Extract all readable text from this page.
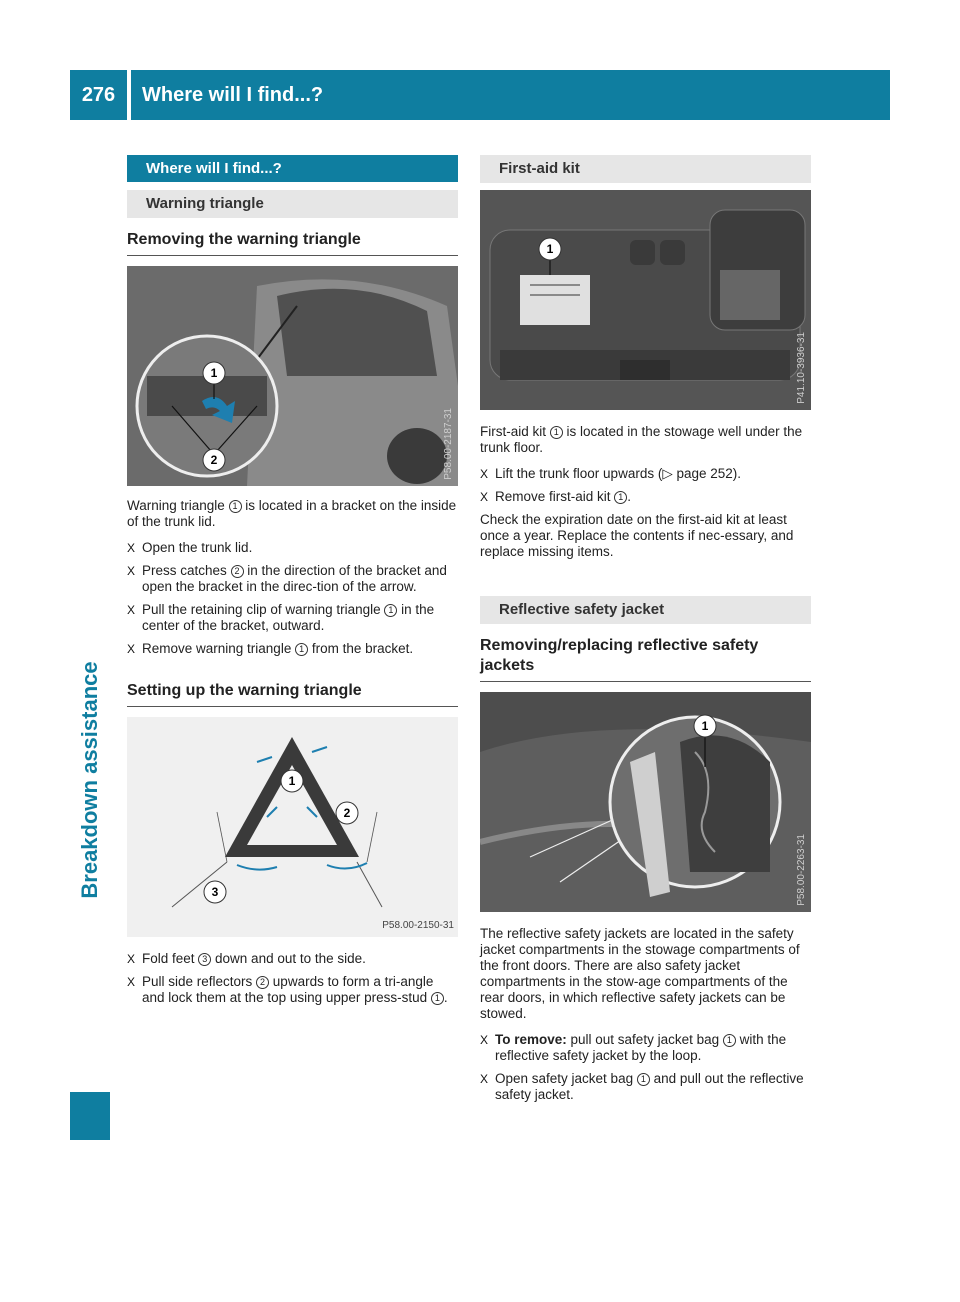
276	Where will I find...?
Breakdown assistance
Where will I find...?
Warning triangle
Removing the warning triangle
1
2	P58.00-2187-31

Warning triangle 1 is located in a bracket on the inside of the trunk lid.

X Open the trunk lid.
X Press catches 2 in the direction of the bracket and open the bracket in the direc-tion of the arrow.
X Pull the retaining clip of warning triangle 1 in the center of the bracket, outward.
X Remove warning triangle 1 from the bracket.
Setting up the warning triangle
1
2
3
P58.00-2150-31
X Fold feet 3 down and out to the side.
X Pull side reflectors 2 upwards to form a tri-angle and lock them at the top using upper press-stud 1 .
First-aid kit
1
P41.10-3936-31

First-aid kit 1 is located in the stowage well under the trunk floor.

X Lift the trunk floor upwards (▷ page 252).
X Remove first-aid kit 1 .

Check the expiration date on the first-aid kit at least once a year. Replace the contents if nec-essary, and replace missing items.

Reflective safety jacket
Removing/replacing reflective safety jackets
1
P58.00-2263-31

The reflective safety jackets are located in the safety jacket compartments in the stowage compartments of the front doors. There are also safety jacket compartments in the stow-age compartments of the rear doors, in which reflective safety jackets can be stowed.

X To remove: pull out safety jacket bag 1 with the reflective safety jacket by the loop.
X Open safety jacket bag 1 and pull out the reflective safety jacket.
